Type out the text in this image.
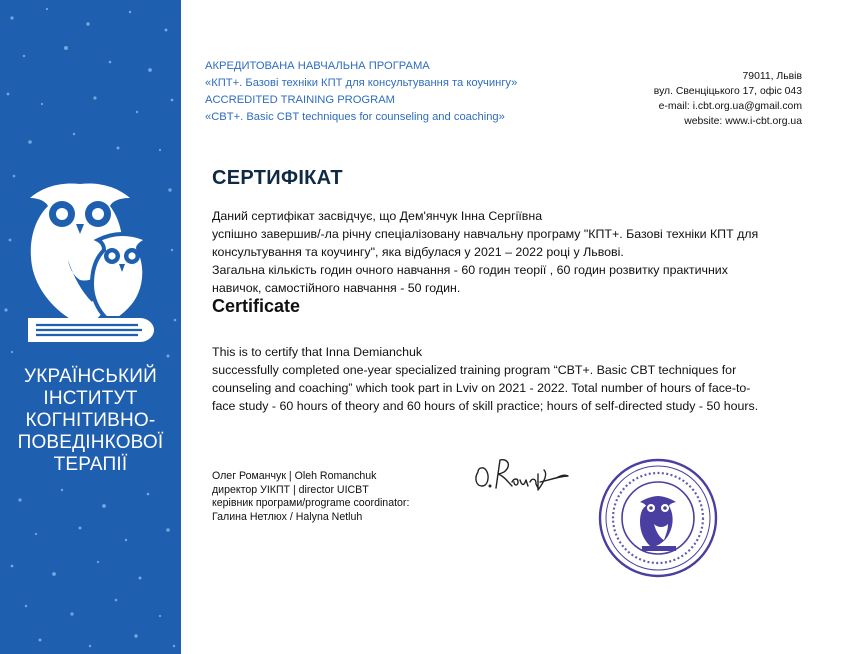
УКРАЇНСЬКИЙ
ІНСТИТУТ
КОГНІТИВНО-
ПОВЕДІНКОВОЇ
ТЕРАПІЇ
АКРЕДИТОВАНА НАВЧАЛЬНА ПРОГРАМА
«КПТ+. Базові техніки КПТ для консультування та коучингу»
ACCREDITED TRAINING PROGRAM
«CBT+. Basic CBT techniques for counseling and coaching»
79011, Львів
вул. Свенціцького 17, офіс 043
e-mail: i.cbt.org.ua@gmail.com
website: www.i-cbt.org.ua
СЕРТИФІКАТ
Даний сертифікат засвідчує, що Дем'янчук Інна Сергіївна
успішно завершив/-ла річну спеціалізовану навчальну програму "КПТ+. Базові техніки КПТ для
консультування та коучингу", яка відбулася у 2021 – 2022 році у Львові.
Загальна кількість годин очного навчання - 60 годин теорії , 60 годин розвитку практичних
навичок, самостійного навчання - 50 годин.
Certificate
This is to certify that Inna Demianchuk
successfully completed one-year specialized training program “CBT+. Basic CBT techniques for
counseling and coaching” which took part in Lviv on 2021 - 2022. Total number of hours of face-to-
face study - 60 hours of theory and 60 hours of skill practice; hours of self-directed study - 50 hours.
Олег Романчук | Oleh Romanchuk
директор УІКПТ | director UICBT
керівник програми/programe coordinator:
Галина Нетлюх / Halyna Netluh
